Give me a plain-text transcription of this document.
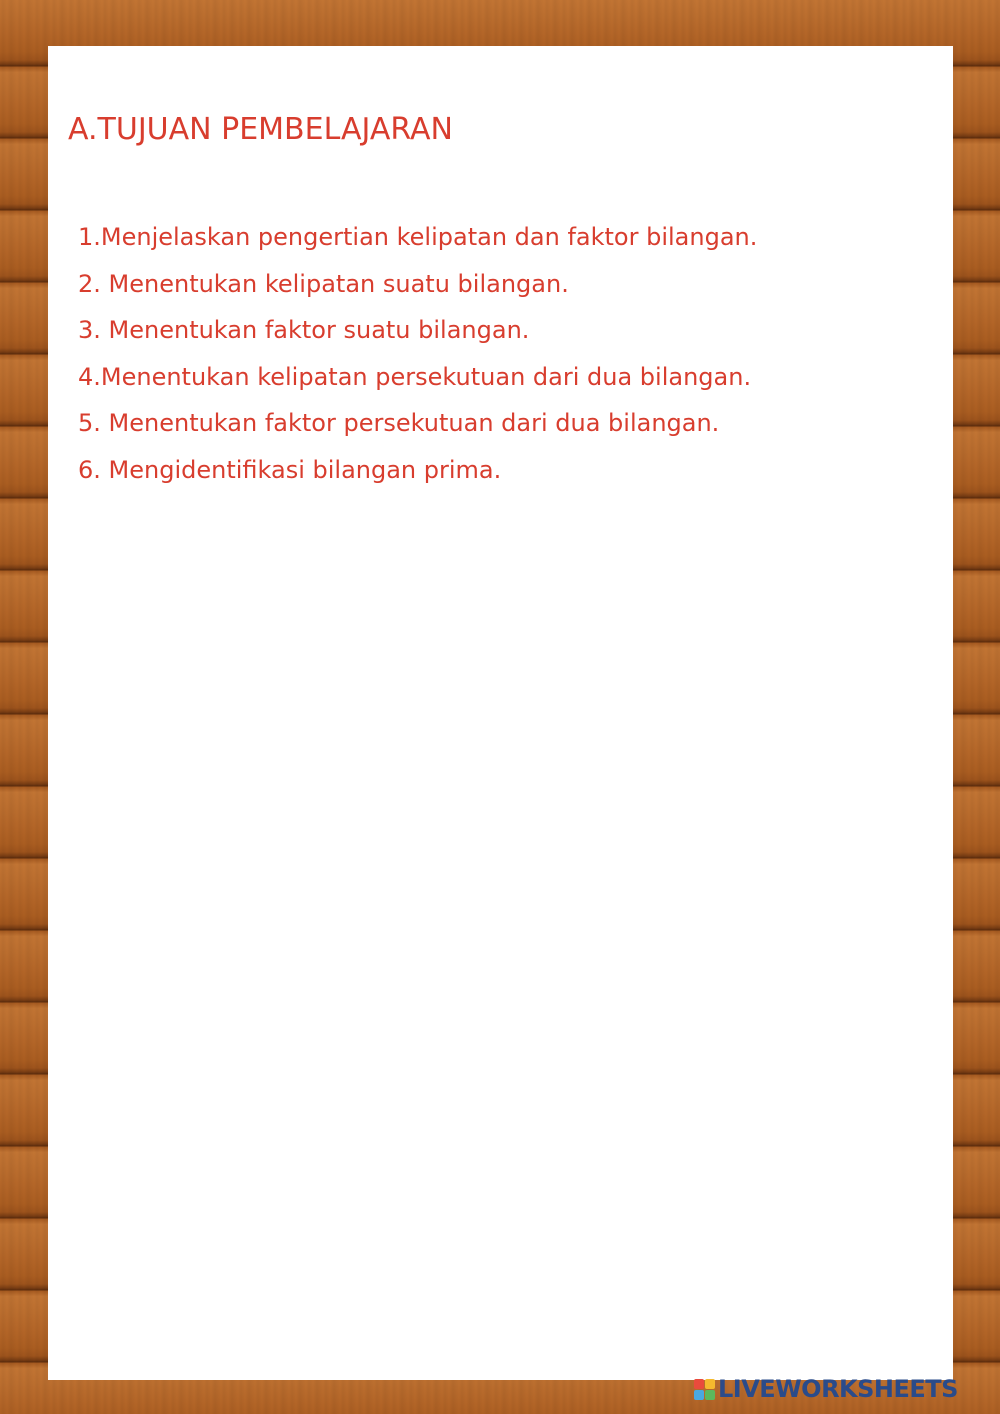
A.TUJUAN PEMBELAJARAN
1.Menjelaskan pengertian kelipatan dan faktor bilangan.
2. Menentukan kelipatan suatu bilangan.
3. Menentukan faktor suatu bilangan.
4.Menentukan kelipatan persekutuan dari dua bilangan.
5. Menentukan faktor persekutuan dari dua bilangan.
6. Mengidentifikasi bilangan prima.
LIVEWORKSHEETS
